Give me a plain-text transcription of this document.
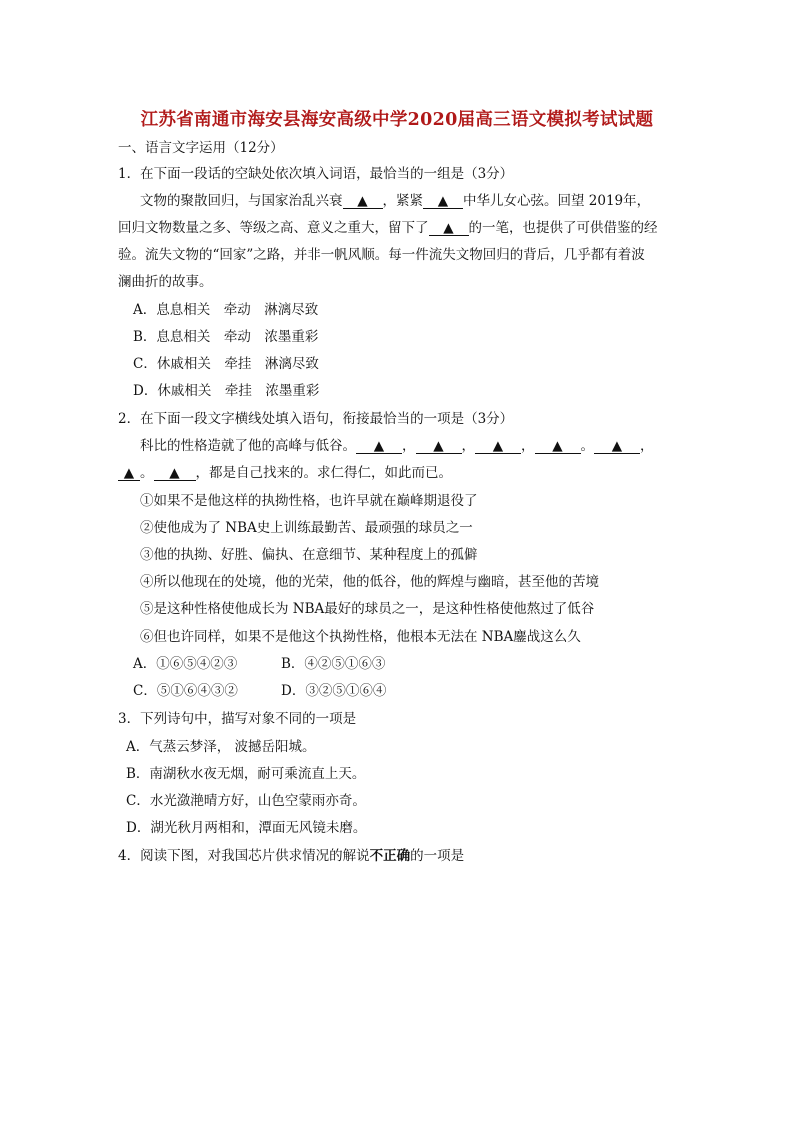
江苏省南通市海安县海安高级中学2020届高三语文模拟考试试题
一、语言文字运用（12分）
1．在下面一段话的空缺处依次填入词语，最恰当的一组是（3分）
文物的聚散回归，与国家治乱兴衰 ▲ ，紧紧 ▲ 中华儿女心弦。回望 2019年，
回归文物数量之多、等级之高、意义之重大，留下了 ▲ 的一笔，也提供了可供借鉴的经
验。流失文物的“回家”之路，并非一帆风顺。每一件流失文物回归的背后，几乎都有着波
澜曲折的故事。
A．息息相关　牵动　淋漓尽致
B．息息相关　牵动　浓墨重彩
C．休戚相关　牵挂　淋漓尽致
D．休戚相关　牵挂　浓墨重彩
2．在下面一段文字横线处填入语句，衔接最恰当的一项是（3分）
科比的性格造就了他的高峰与低谷。 ▲ ， ▲ ， ▲ ， ▲ 。 ▲ ，
▲ 。 ▲ ，都是自己找来的。求仁得仁，如此而已。
①如果不是他这样的执拗性格，也许早就在巅峰期退役了
②使他成为了 NBA史上训练最勤苦、最顽强的球员之一
③他的执拗、好胜、偏执、在意细节、某种程度上的孤僻
④所以他现在的处境，他的光荣，他的低谷，他的辉煌与幽暗，甚至他的苦境
⑤是这种性格使他成长为 NBA最好的球员之一，是这种性格使他熬过了低谷
⑥但也许同样，如果不是他这个执拗性格，他根本无法在 NBA鏖战这么久
A．①⑥⑤④②③	B．④②⑤①⑥③
C．⑤①⑥④③②	D．③②⑤①⑥④
3．下列诗句中，描写对象不同的一项是
A．气蒸云梦泽， 波撼岳阳城。
B．南湖秋水夜无烟，耐可乘流直上天。
C．水光潋滟晴方好，山色空蒙雨亦奇。
D．湖光秋月两相和，潭面无风镜未磨。
4．阅读下图，对我国芯片供求情况的解说不正确的一项是
